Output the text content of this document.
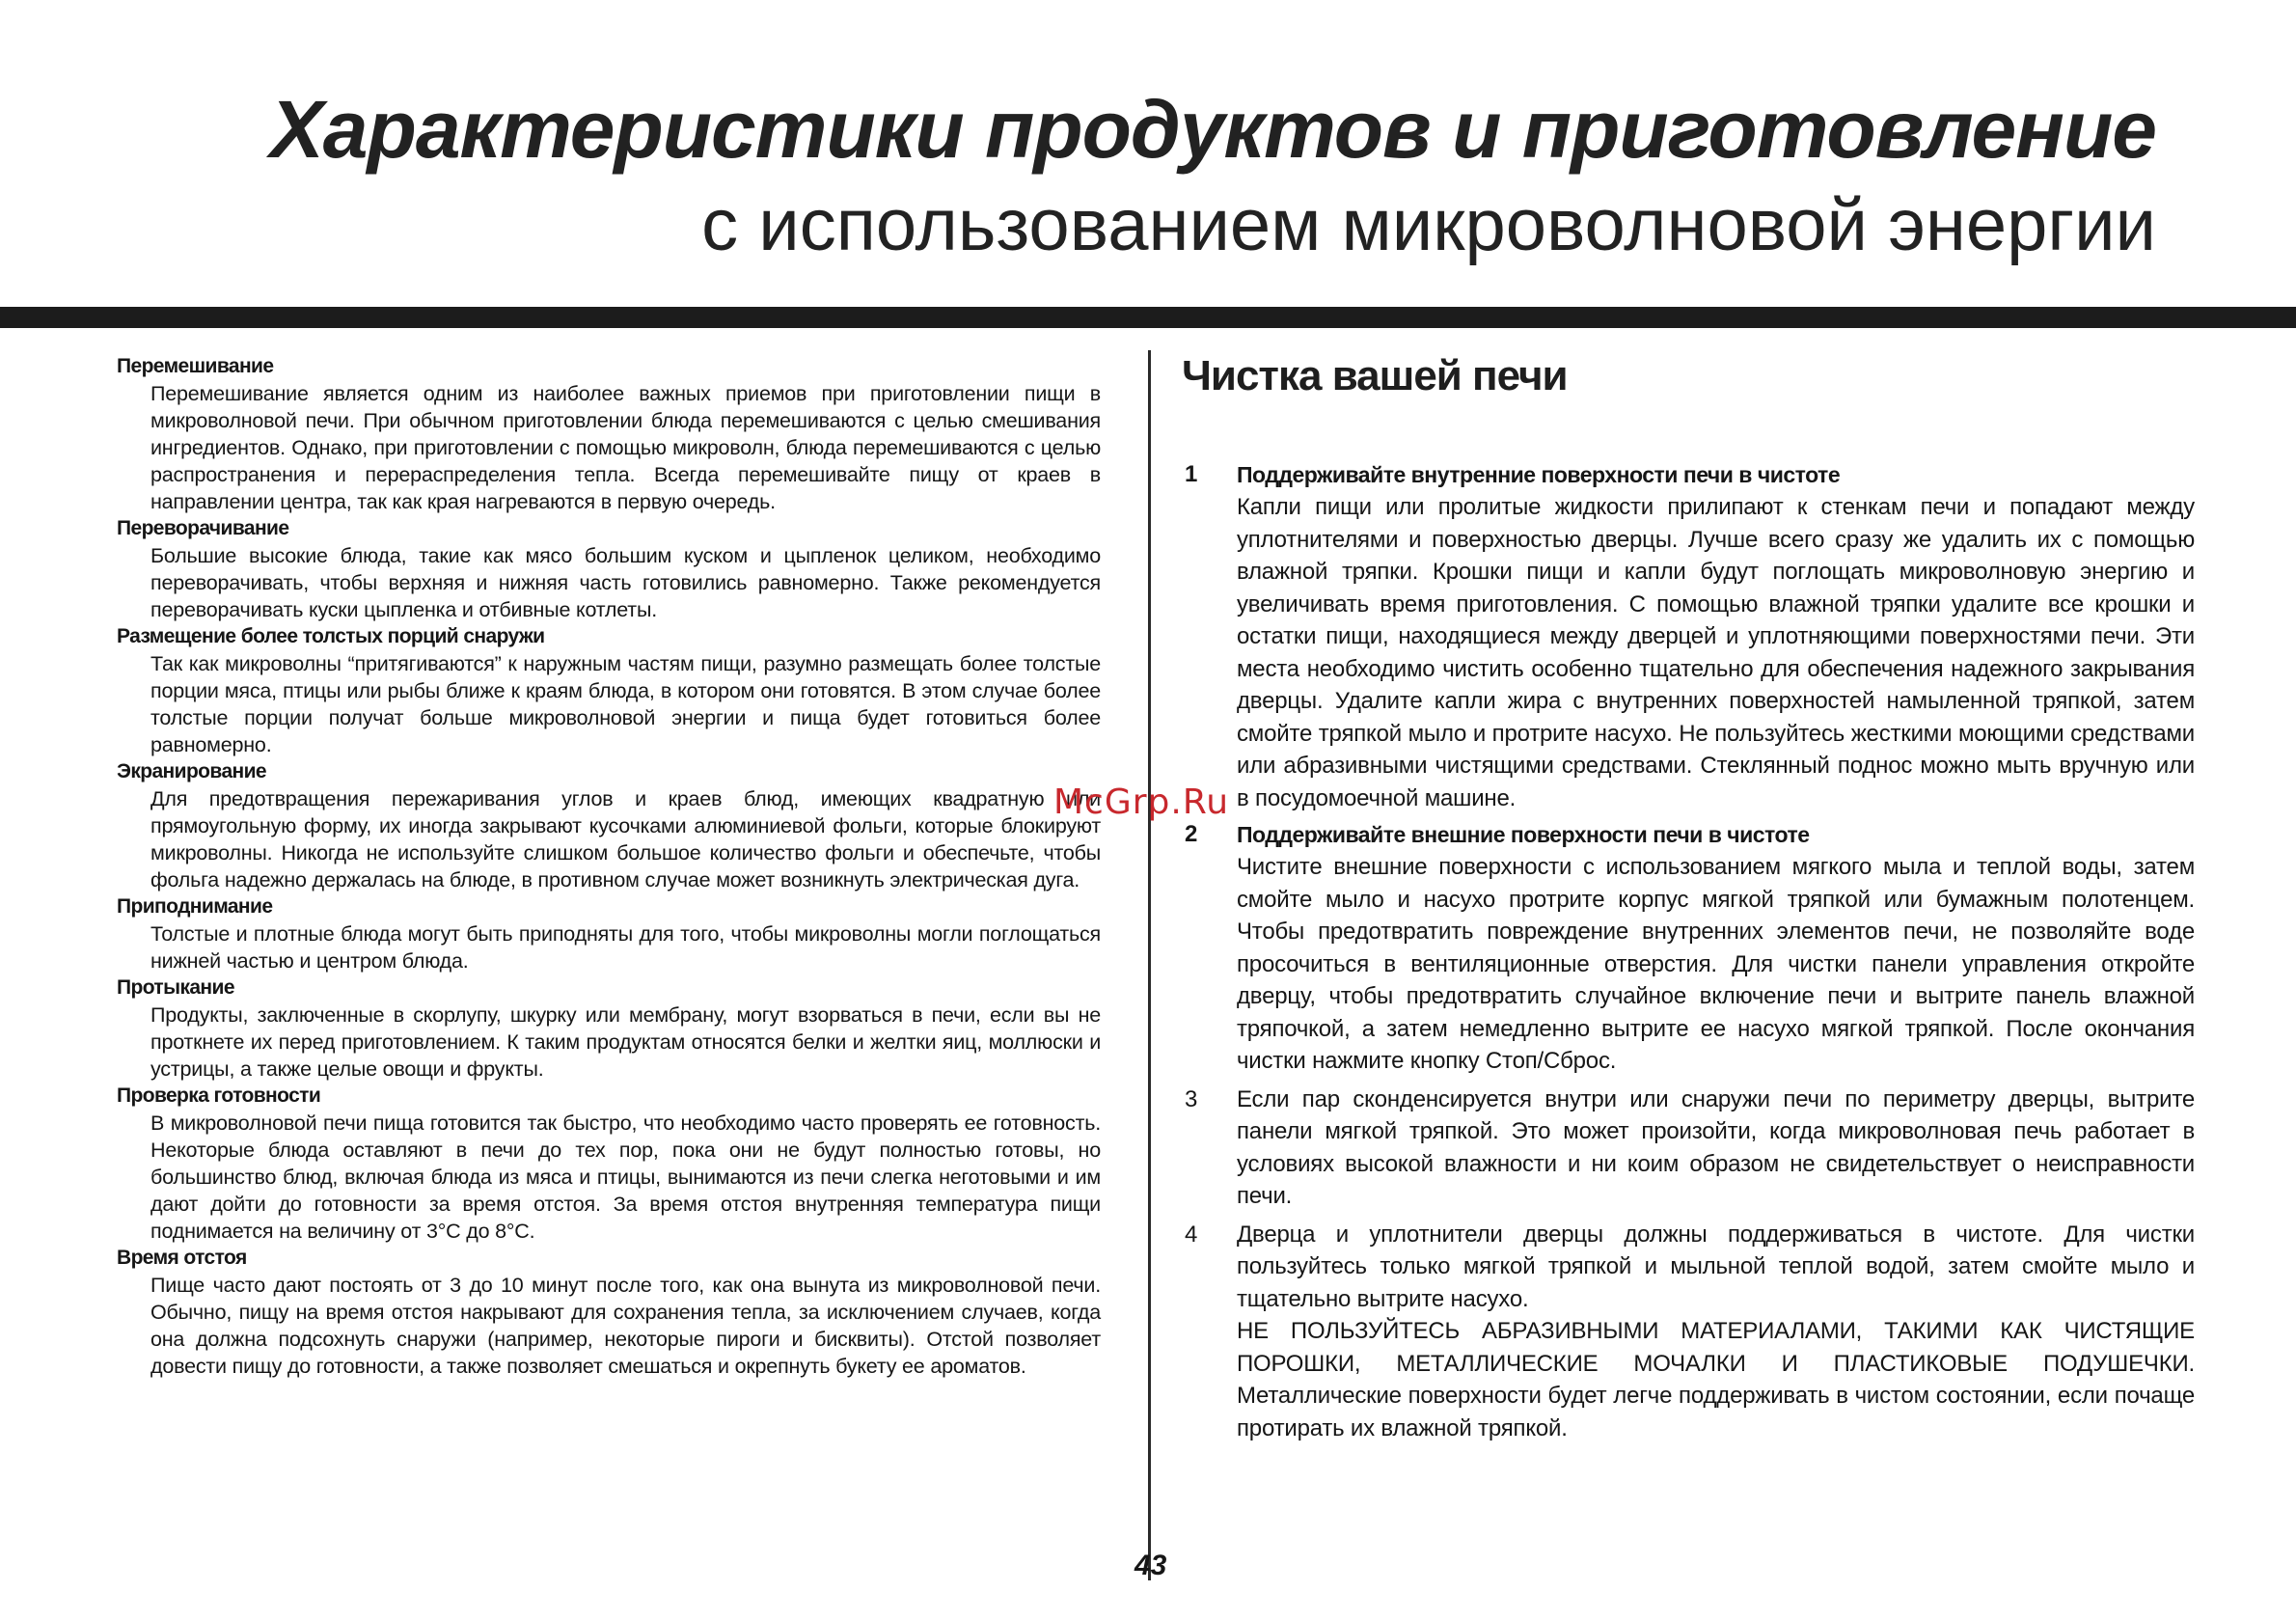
Характеристики продуктов и приготовление
с использованием микроволновой энергии
Перемешивание
Перемешивание является одним из наиболее важных приемов при приготовлении пищи в микроволновой печи. При обычном приготовлении блюда перемешиваются с целью смешивания ингредиентов. Однако, при приготовлении с помощью микроволн, блюда перемешиваются с целью распространения и перераспределения тепла. Всегда перемешивайте пищу от краев в направлении центра, так как края нагреваются в первую очередь.
Переворачивание
Большие высокие блюда, такие как мясо большим куском и цыпленок целиком, необходимо переворачивать, чтобы верхняя и нижняя часть готовились равномерно. Также рекомендуется переворачивать куски цыпленка и отбивные котлеты.
Размещение более толстых порций снаружи
Так как микроволны “притягиваются” к наружным частям пищи, разумно размещать более толстые порции мяса, птицы или рыбы ближе к краям блюда, в котором они готовятся. В этом случае более толстые порции получат больше микроволновой энергии и пища будет готовиться более равномерно.
Экранирование
Для предотвращения пережаривания углов и краев блюд, имеющих квадратную или прямоугольную форму, их иногда закрывают кусочками алюминиевой фольги, которые блокируют микроволны. Никогда не используйте слишком большое количество фольги и обеспечьте, чтобы фольга надежно держалась на блюде, в противном случае может возникнуть электрическая дуга.
Приподнимание
Толстые и плотные блюда могут быть приподняты для того, чтобы микроволны могли поглощаться нижней частью и центром блюда.
Протыкание
Продукты, заключенные в скорлупу, шкурку или мембрану, могут взорваться в печи, если вы не проткнете их перед приготовлением. К таким продуктам относятся белки и желтки яиц, моллюски и устрицы, а также целые овощи и фрукты.
Проверка готовности
В микроволновой печи пища готовится так быстро, что необходимо часто проверять ее готовность. Некоторые блюда оставляют в печи до тех пор, пока они не будут полностью готовы, но большинство блюд, включая блюда из мяса и птицы, вынимаются из печи слегка неготовыми и им дают дойти до готовности за время отстоя. За время отстоя внутренняя температура пищи поднимается на величину от 3°C до 8°C.
Время отстоя
Пище часто дают постоять от 3 до 10 минут после того, как она вынута из микроволновой печи. Обычно, пищу на время отстоя накрывают для сохранения тепла, за исключением случаев, когда она должна подсохнуть снаружи (например, некоторые пироги и бисквиты). Отстой позволяет довести пищу до готовности, а также позволяет смешаться и окрепнуть букету ее ароматов.
Чистка вашей печи
1 Поддерживайте внутренние поверхности печи в чистоте
Капли пищи или пролитые жидкости прилипают к стенкам печи и попадают между уплотнителями и поверхностью дверцы. Лучше всего сразу же удалить их с помощью влажной тряпки. Крошки пищи и капли будут поглощать микроволновую энергию и увеличивать время приготовления. С помощью влажной тряпки удалите все крошки и остатки пищи, находящиеся между дверцей и уплотняющими поверхностями печи. Эти места необходимо чистить особенно тщательно для обеспечения надежного закрывания дверцы. Удалите капли жира с внутренних поверхностей намыленной тряпкой, затем смойте тряпкой мыло и протрите насухо. Не пользуйтесь жесткими моющими средствами или абразивными чистящими средствами. Стеклянный поднос можно мыть вручную или в посудомоечной машине.
2 Поддерживайте внешние поверхности печи в чистоте
Чистите внешние поверхности с использованием мягкого мыла и теплой воды, затем смойте мыло и насухо протрите корпус мягкой тряпкой или бумажным полотенцем. Чтобы предотвратить повреждение внутренних элементов печи, не позволяйте воде просочиться в вентиляционные отверстия. Для чистки панели управления откройте дверцу, чтобы предотвратить случайное включение печи и вытрите панель влажной тряпочкой, а затем немедленно вытрите ее насухо мягкой тряпкой. После окончания чистки нажмите кнопку Стоп/Сброс.
3 Если пар сконденсируется внутри или снаружи печи по периметру дверцы, вытрите панели мягкой тряпкой. Это может произойти, когда микроволновая печь работает в условиях высокой влажности и ни коим образом не свидетельствует о неисправности печи.
4 Дверца и уплотнители дверцы должны поддерживаться в чистоте. Для чистки пользуйтесь только мягкой тряпкой и мыльной теплой водой, затем смойте мыло и тщательно вытрите насухо.
НЕ ПОЛЬЗУЙТЕСЬ АБРАЗИВНЫМИ МАТЕРИАЛАМИ, ТАКИМИ КАК ЧИСТЯЩИЕ ПОРОШКИ, МЕТАЛЛИЧЕСКИЕ МОЧАЛКИ И ПЛАСТИКОВЫЕ ПОДУШЕЧКИ. Металлические поверхности будет легче поддерживать в чистом состоянии, если почаще протирать их влажной тряпкой.
McGrp.Ru
43
